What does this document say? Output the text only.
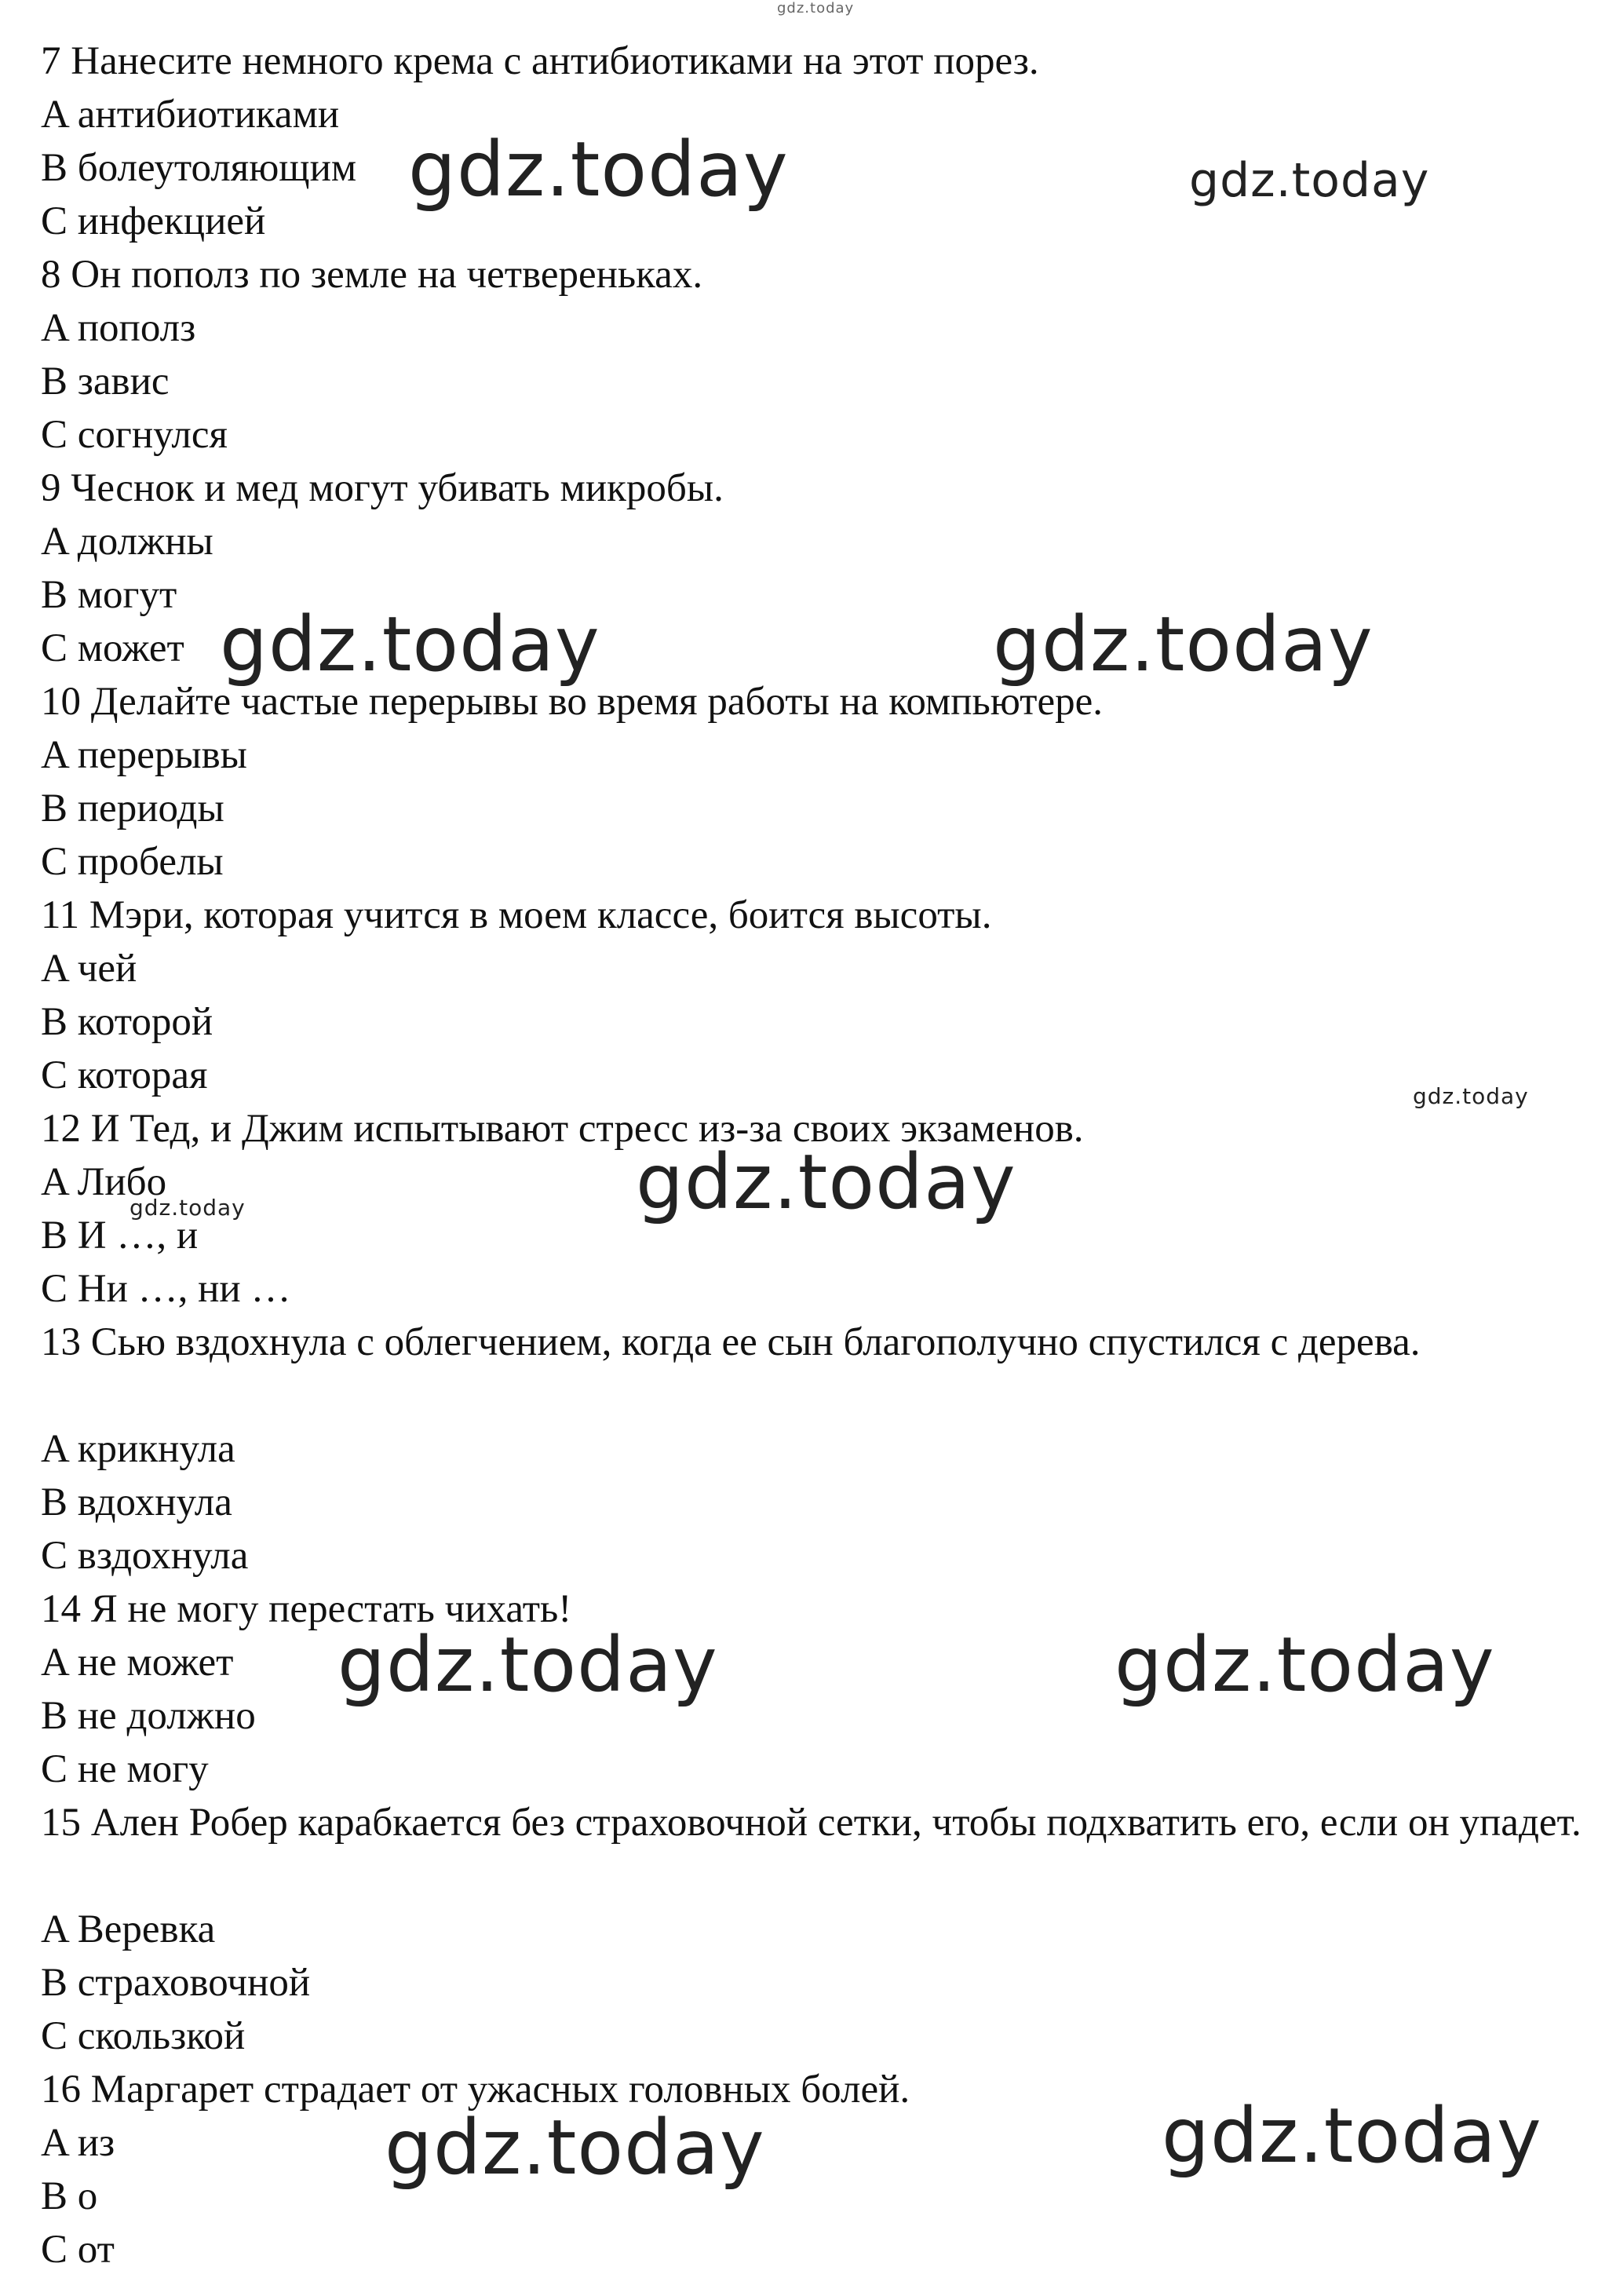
7 Нанесите немного крема с антибиотиками на этот порез.
A антибиотиками
B болеутоляющим
C инфекцией
8 Он пополз по земле на четвереньках.
A пополз
B завис
C согнулся
9 Чеснок и мед могут убивать микробы.
A должны
B могут
C может
10 Делайте частые перерывы во время работы на компьютере.
A перерывы
B периоды
C пробелы
11 Мэри, которая учится в моем классе, боится высоты.
A чей
B которой
C которая
12 И Тед, и Джим испытывают стресс из-за своих экзаменов.
A Либо
B И …, и
C Ни …, ни …
13 Сью вздохнула с облегчением, когда ее сын благополучно спустился с дерева.
A крикнула
B вдохнула
C вздохнула
14 Я не могу перестать чихать!
A не может
B не должно
C не могу
15 Ален Робер карабкается без страховочной сетки, чтобы подхватить его, если он упадет.
A Веревка
B страховочной
C скользкой
16 Маргарет страдает от ужасных головных болей.
A из
B о
C от
gdz.today
gdz.today	gdz.today
gdz.today	gdz.today
gdz.today
gdz.today
gdz.today
gdz.today	gdz.today
gdz.today	gdz.today
